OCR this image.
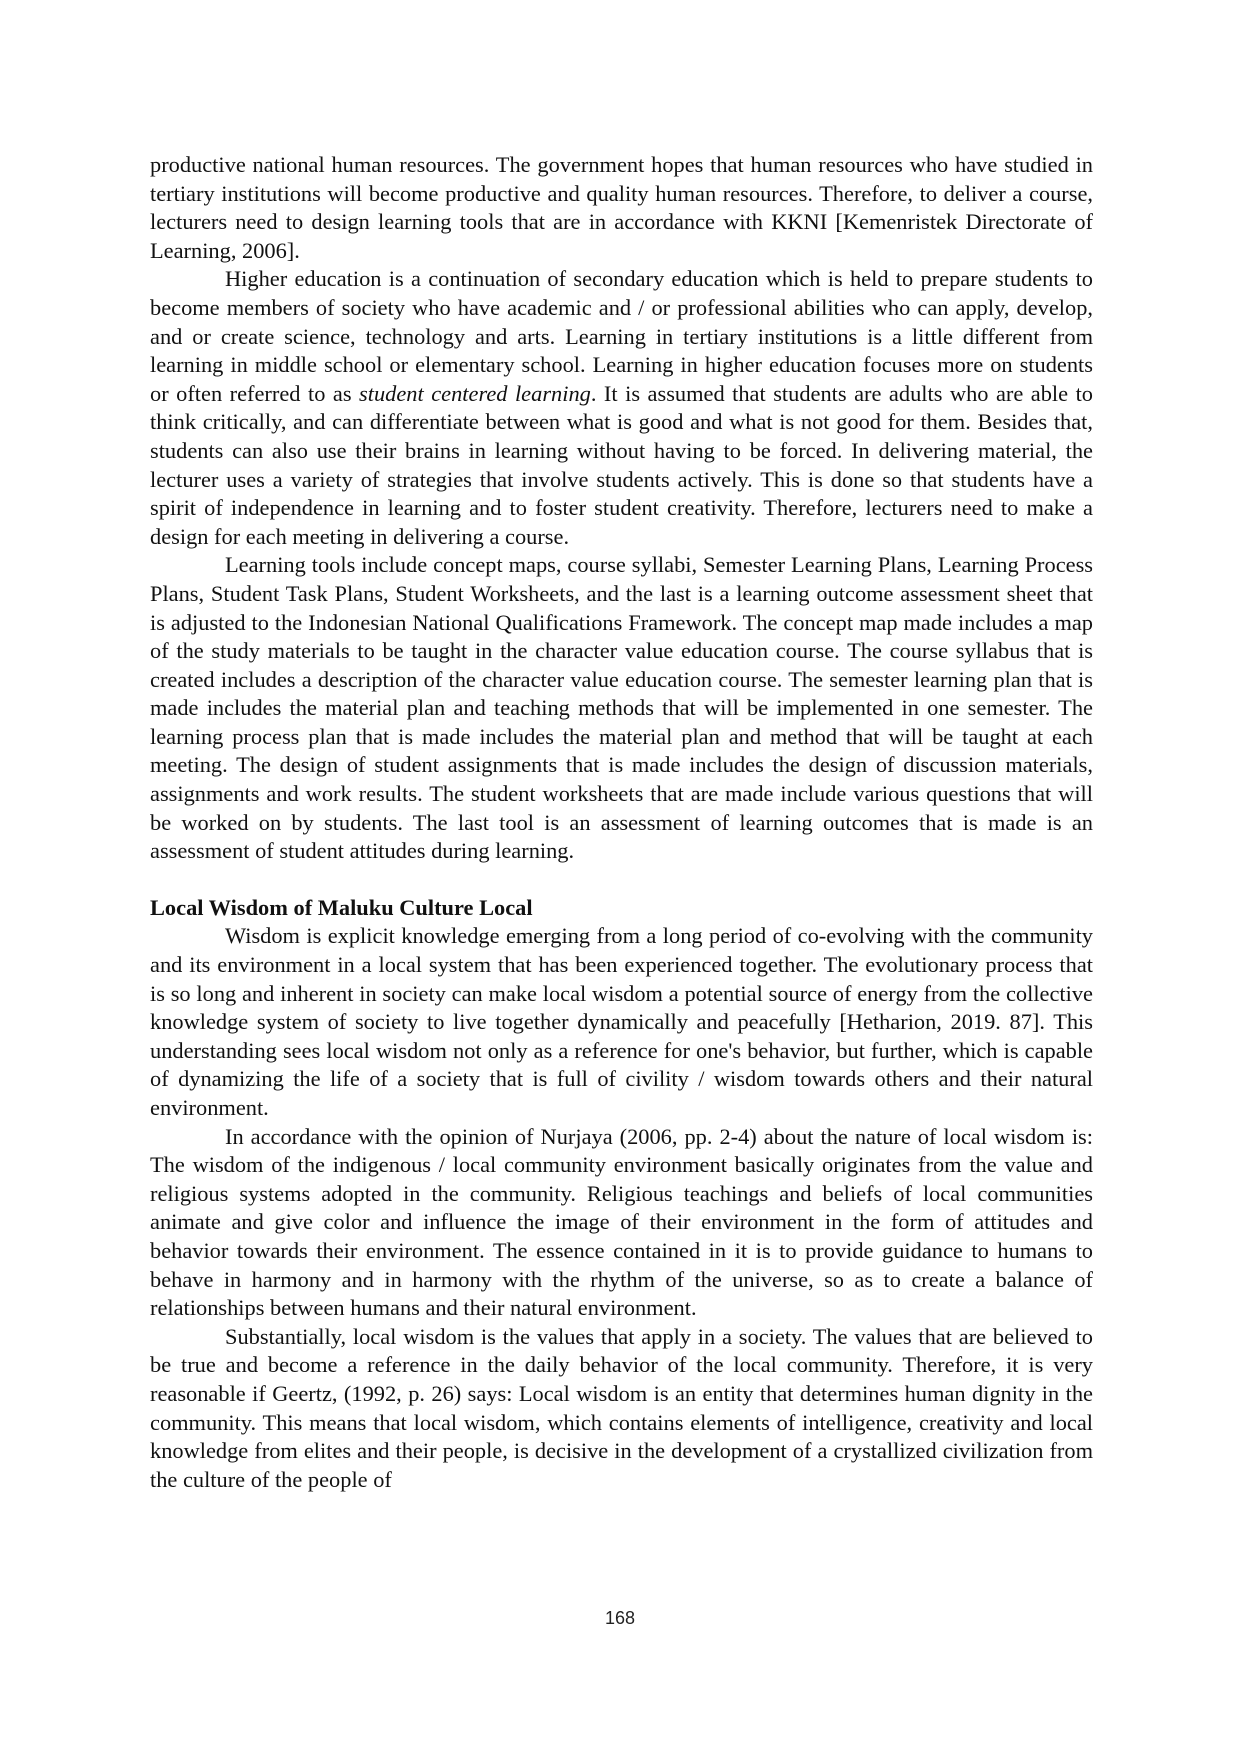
productive national human resources. The government hopes that human resources who have studied in tertiary institutions will become productive and quality human resources. Therefore, to deliver a course, lecturers need to design learning tools that are in accordance with KKNI [Kemenristek Directorate of Learning, 2006].

Higher education is a continuation of secondary education which is held to prepare students to become members of society who have academic and / or professional abilities who can apply, develop, and or create science, technology and arts. Learning in tertiary institutions is a little different from learning in middle school or elementary school. Learning in higher education focuses more on students or often referred to as student centered learning. It is assumed that students are adults who are able to think critically, and can differentiate between what is good and what is not good for them. Besides that, students can also use their brains in learning without having to be forced. In delivering material, the lecturer uses a variety of strategies that involve students actively. This is done so that students have a spirit of independence in learning and to foster student creativity. Therefore, lecturers need to make a design for each meeting in delivering a course.

Learning tools include concept maps, course syllabi, Semester Learning Plans, Learning Process Plans, Student Task Plans, Student Worksheets, and the last is a learning outcome assessment sheet that is adjusted to the Indonesian National Qualifications Framework. The concept map made includes a map of the study materials to be taught in the character value education course. The course syllabus that is created includes a description of the character value education course. The semester learning plan that is made includes the material plan and teaching methods that will be implemented in one semester. The learning process plan that is made includes the material plan and method that will be taught at each meeting. The design of student assignments that is made includes the design of discussion materials, assignments and work results. The student worksheets that are made include various questions that will be worked on by students. The last tool is an assessment of learning outcomes that is made is an assessment of student attitudes during learning.

Local Wisdom of Maluku Culture Local

Wisdom is explicit knowledge emerging from a long period of co-evolving with the community and its environment in a local system that has been experienced together. The evolutionary process that is so long and inherent in society can make local wisdom a potential source of energy from the collective knowledge system of society to live together dynamically and peacefully [Hetharion, 2019. 87]. This understanding sees local wisdom not only as a reference for one's behavior, but further, which is capable of dynamizing the life of a society that is full of civility / wisdom towards others and their natural environment.

In accordance with the opinion of Nurjaya (2006, pp. 2-4) about the nature of local wisdom is: The wisdom of the indigenous / local community environment basically originates from the value and religious systems adopted in the community. Religious teachings and beliefs of local communities animate and give color and influence the image of their environment in the form of attitudes and behavior towards their environment. The essence contained in it is to provide guidance to humans to behave in harmony and in harmony with the rhythm of the universe, so as to create a balance of relationships between humans and their natural environment.

Substantially, local wisdom is the values that apply in a society. The values that are believed to be true and become a reference in the daily behavior of the local community. Therefore, it is very reasonable if Geertz, (1992, p. 26) says: Local wisdom is an entity that determines human dignity in the community. This means that local wisdom, which contains elements of intelligence, creativity and local knowledge from elites and their people, is decisive in the development of a crystallized civilization from the culture of the people of

168
